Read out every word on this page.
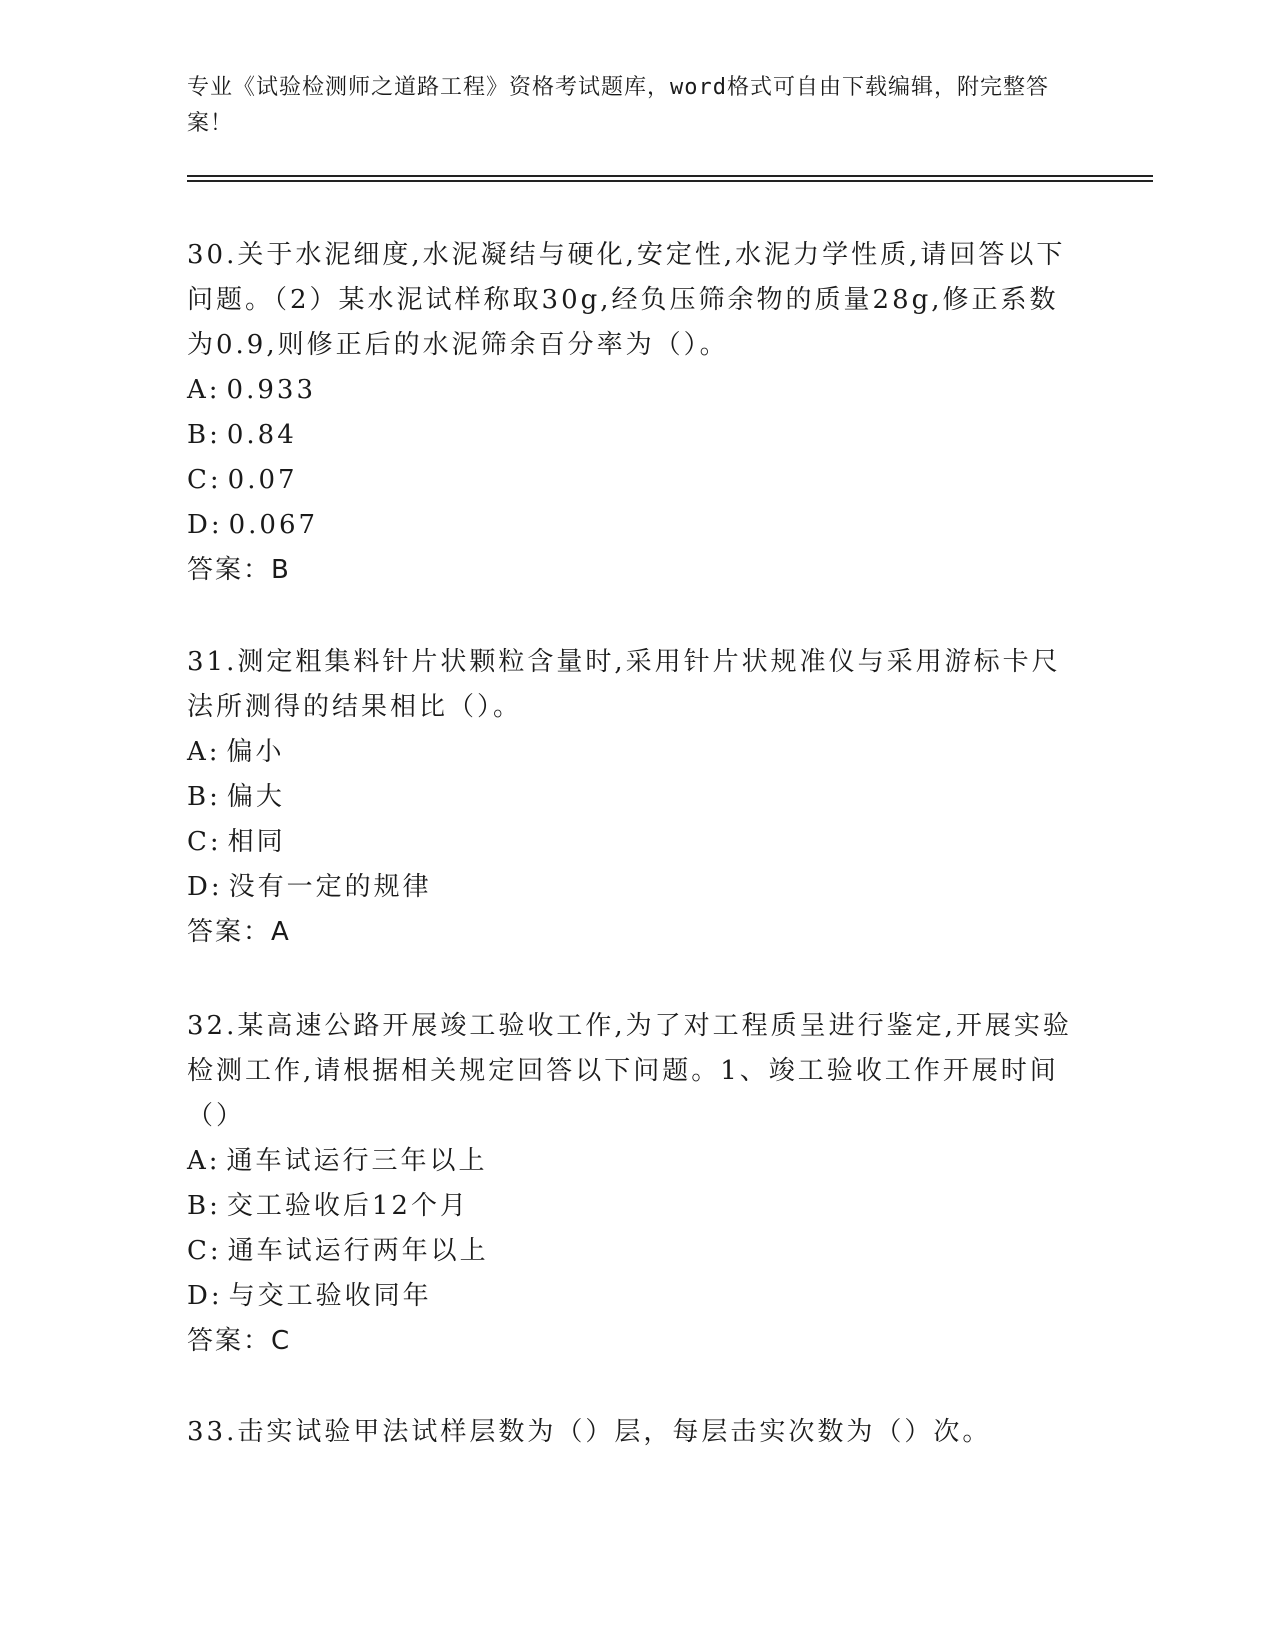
专业《试验检测师之道路工程》资格考试题库，word格式可自由下载编辑，附完整答案！

30.关于水泥细度,水泥凝结与硬化,安定性,水泥力学性质,请回答以下问题。（2）某水泥试样称取30g,经负压筛余物的质量28g,修正系数为0.9,则修正后的水泥筛余百分率为（）。

A: 0.933

B: 0.84

C: 0.07

D: 0.067

答案：B

31.测定粗集料针片状颗粒含量时,采用针片状规准仪与采用游标卡尺法所测得的结果相比（）。

A: 偏小

B: 偏大

C: 相同

D: 没有一定的规律

答案：A

32.某高速公路开展竣工验收工作,为了对工程质呈进行鉴定,开展实验检测工作,请根据相关规定回答以下问题。1、竣工验收工作开展时间（）

A: 通车试运行三年以上

B: 交工验收后12个月

C: 通车试运行两年以上

D: 与交工验收同年

答案：C

33.击实试验甲法试样层数为（）层，每层击实次数为（）次。
